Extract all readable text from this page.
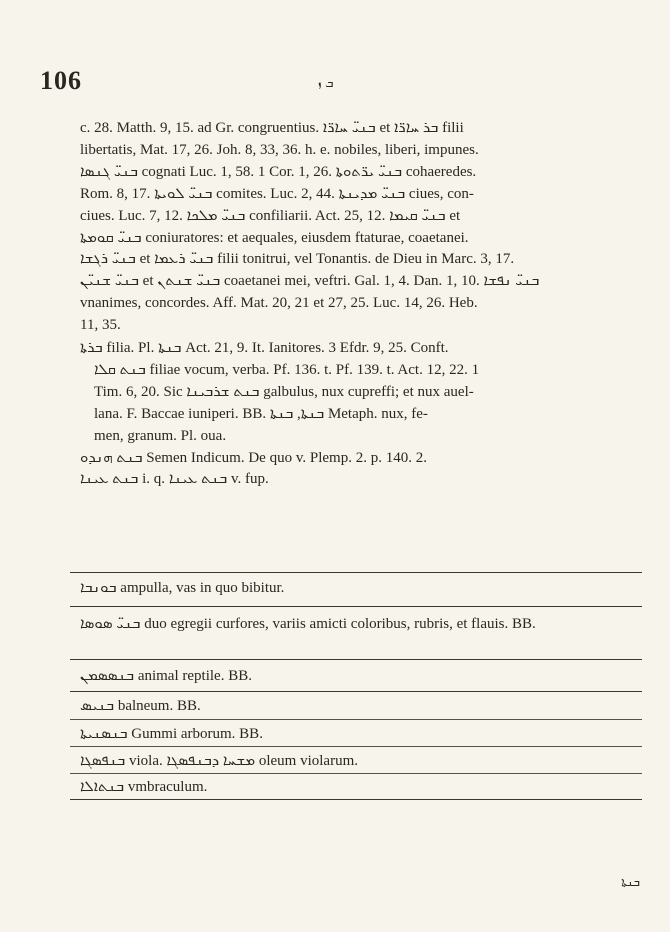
106	ܒ ܙ
c. 28. Matth. 9, 15. ad Gr. congruentius. ܒܢܝ̈ ܚܐܪ̈ܐ et ܒܪ ܚܐܪ̈ܐ filii
libertatis, Mat. 17, 26. Joh. 8, 33, 36. h. e. nobiles, liberi, impunes.
ܒܢܝ̈ ܓܢܣܐ cognati Luc. 1, 58. 1 Cor. 1, 26. ܒܢܝ̈ ܝܪ̈ܬܘܬܐ cohaeredes.
Rom. 8, 17. ܒܢܝ̈ ܠܘܝܬܐ comites. Luc. 2, 44. ܒܢܝ̈ ܡܕܝܢܬܐ ciues, con-
ciues. Luc. 7, 12. ܒܢܝ̈ ܡܠܟܐ confiliarii. Act. 25, 12. ܒܢܝ̈ ܩܝܡܐ et
ܒܢܝ̈ ܩܘܡܬܐ coniuratores: et aequales, eiusdem ftaturae, coaetanei.
ܒܢܝ̈ ܪܓܫܐ et ܒܢܝ̈ ܪܥܡܐ filii tonitrui, vel Tonantis. de Dieu in Marc. 3, 17.
ܒܢܝ̈ ܫܢܝ̈ܢ et ܒܢܝ̈ ܫܢܬܢ coaetanei mei, veftri. Gal. 1, 4. Dan. 1, 10. ܒܢܝ̈ ܢܦܫܐ
vnanimes, concordes. Aff. Mat. 20, 21 et 27, 25. Luc. 14, 26. Heb.
11, 35.
ܒܪܬܐ filia. Pl. ܒܢܬܐ Act. 21, 9. It. Ianitores. 3 Efdr. 9, 25. Conft.
ܒܢܬ ܩܠܐ filiae vocum, verba. Pf. 136. t. Pf. 139. t. Act. 12, 22. 1
Tim. 6, 20. Sic ܒܢܬ ܫܪܒܝܢܐ galbulus, nux cupreffi; et nux auel-
lana. F. Baccae iuniperi. BB. ܒܢܬܐ, ܒܢܬܐ Metaph. nux, fe-
men, granum. Pl. oua.
ܒܢܬ ܗܢܕܘ Semen Indicum. De quo v. Plemp. 2. p. 140. 2.
ܒܢܬ ܥܝܢܐ i. q. ܒܢܬ ܥܝܢܐ v. fup.
ܒܘܢܒܐ ampulla, vas in quo bibitur.
ܒܢܝ̈ ܣܘܣܐ duo egregii curfores, variis amicti coloribus, rubris, et flauis. BB.
ܒܢܣܣܡܢ animal reptile. BB.
ܒܢܝܣ balneum. BB.
ܒܢܣܢܝܬܐ Gummi arborum. BB.
ܒܢܦܣܓܐ viola. ܡܫܚܐ ܕܒܢܦܣܓܐ oleum violarum.
ܒܢܬܐܠܐ vmbraculum.
ܒܢܬܐ
